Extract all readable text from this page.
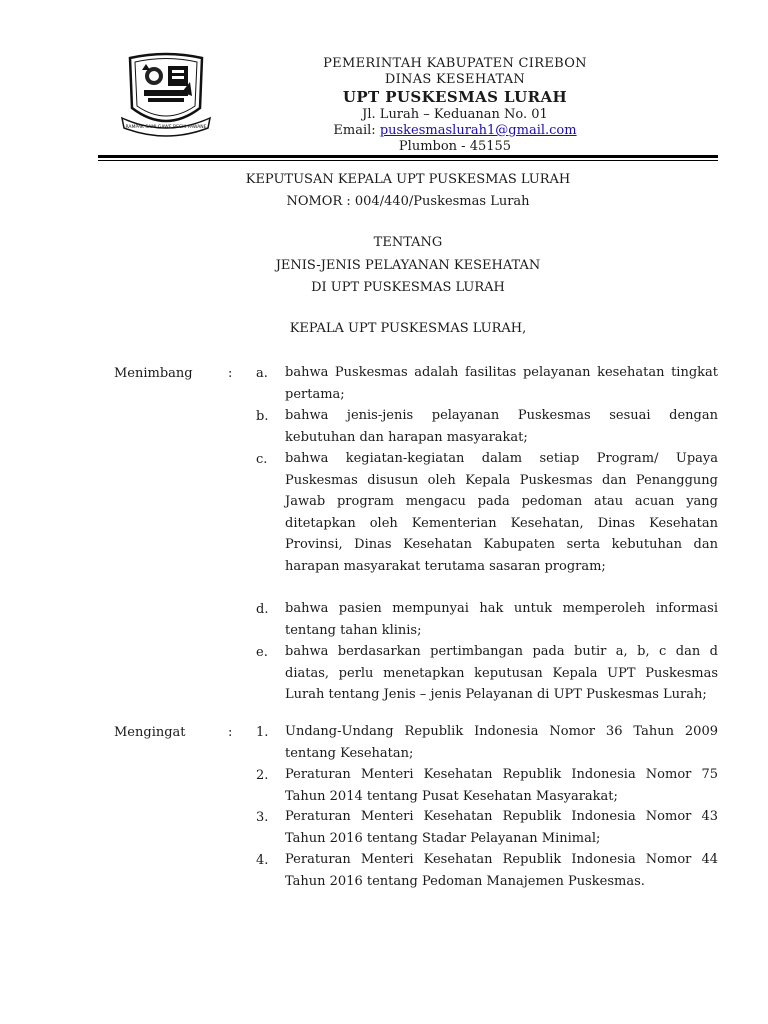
RAMPAK SAMI GAWE BECIK PAWANE
PEMERINTAH KABUPATEN CIREBON
DINAS KESEHATAN
UPT PUSKESMAS LURAH
Jl. Lurah – Keduanan No. 01
Email: puskesmaslurah1@gmail.com
Plumbon - 45155
KEPUTUSAN KEPALA UPT PUSKESMAS LURAH
NOMOR : 004/440/Puskesmas Lurah
TENTANG
JENIS-JENIS PELAYANAN KESEHATAN
DI UPT PUSKESMAS LURAH
KEPALA UPT PUSKESMAS LURAH,
Menimbang	: a. bahwa Puskesmas adalah fasilitas pelayanan kesehatan tingkat pertama;
b. bahwa jenis-jenis pelayanan Puskesmas sesuai dengan kebutuhan dan harapan masyarakat;
c. bahwa kegiatan-kegiatan dalam setiap Program/ Upaya Puskesmas disusun oleh Kepala Puskesmas dan Penanggung Jawab program mengacu pada pedoman atau acuan yang ditetapkan oleh Kementerian Kesehatan, Dinas Kesehatan Provinsi, Dinas Kesehatan Kabupaten serta kebutuhan dan harapan masyarakat terutama sasaran program;
d. bahwa pasien mempunyai hak untuk memperoleh informasi tentang tahan klinis;
e. bahwa berdasarkan pertimbangan pada butir a, b, c dan d diatas, perlu menetapkan keputusan Kepala UPT Puskesmas Lurah tentang Jenis – jenis Pelayanan di UPT Puskesmas Lurah;
Mengingat	: 1. Undang-Undang Republik Indonesia Nomor 36 Tahun 2009 tentang Kesehatan;
2. Peraturan Menteri Kesehatan Republik Indonesia Nomor 75 Tahun 2014 tentang Pusat Kesehatan Masyarakat;
3. Peraturan Menteri Kesehatan Republik Indonesia Nomor 43 Tahun 2016 tentang Stadar Pelayanan Minimal;
4. Peraturan Menteri Kesehatan Republik Indonesia Nomor 44 Tahun 2016 tentang Pedoman Manajemen Puskesmas.
